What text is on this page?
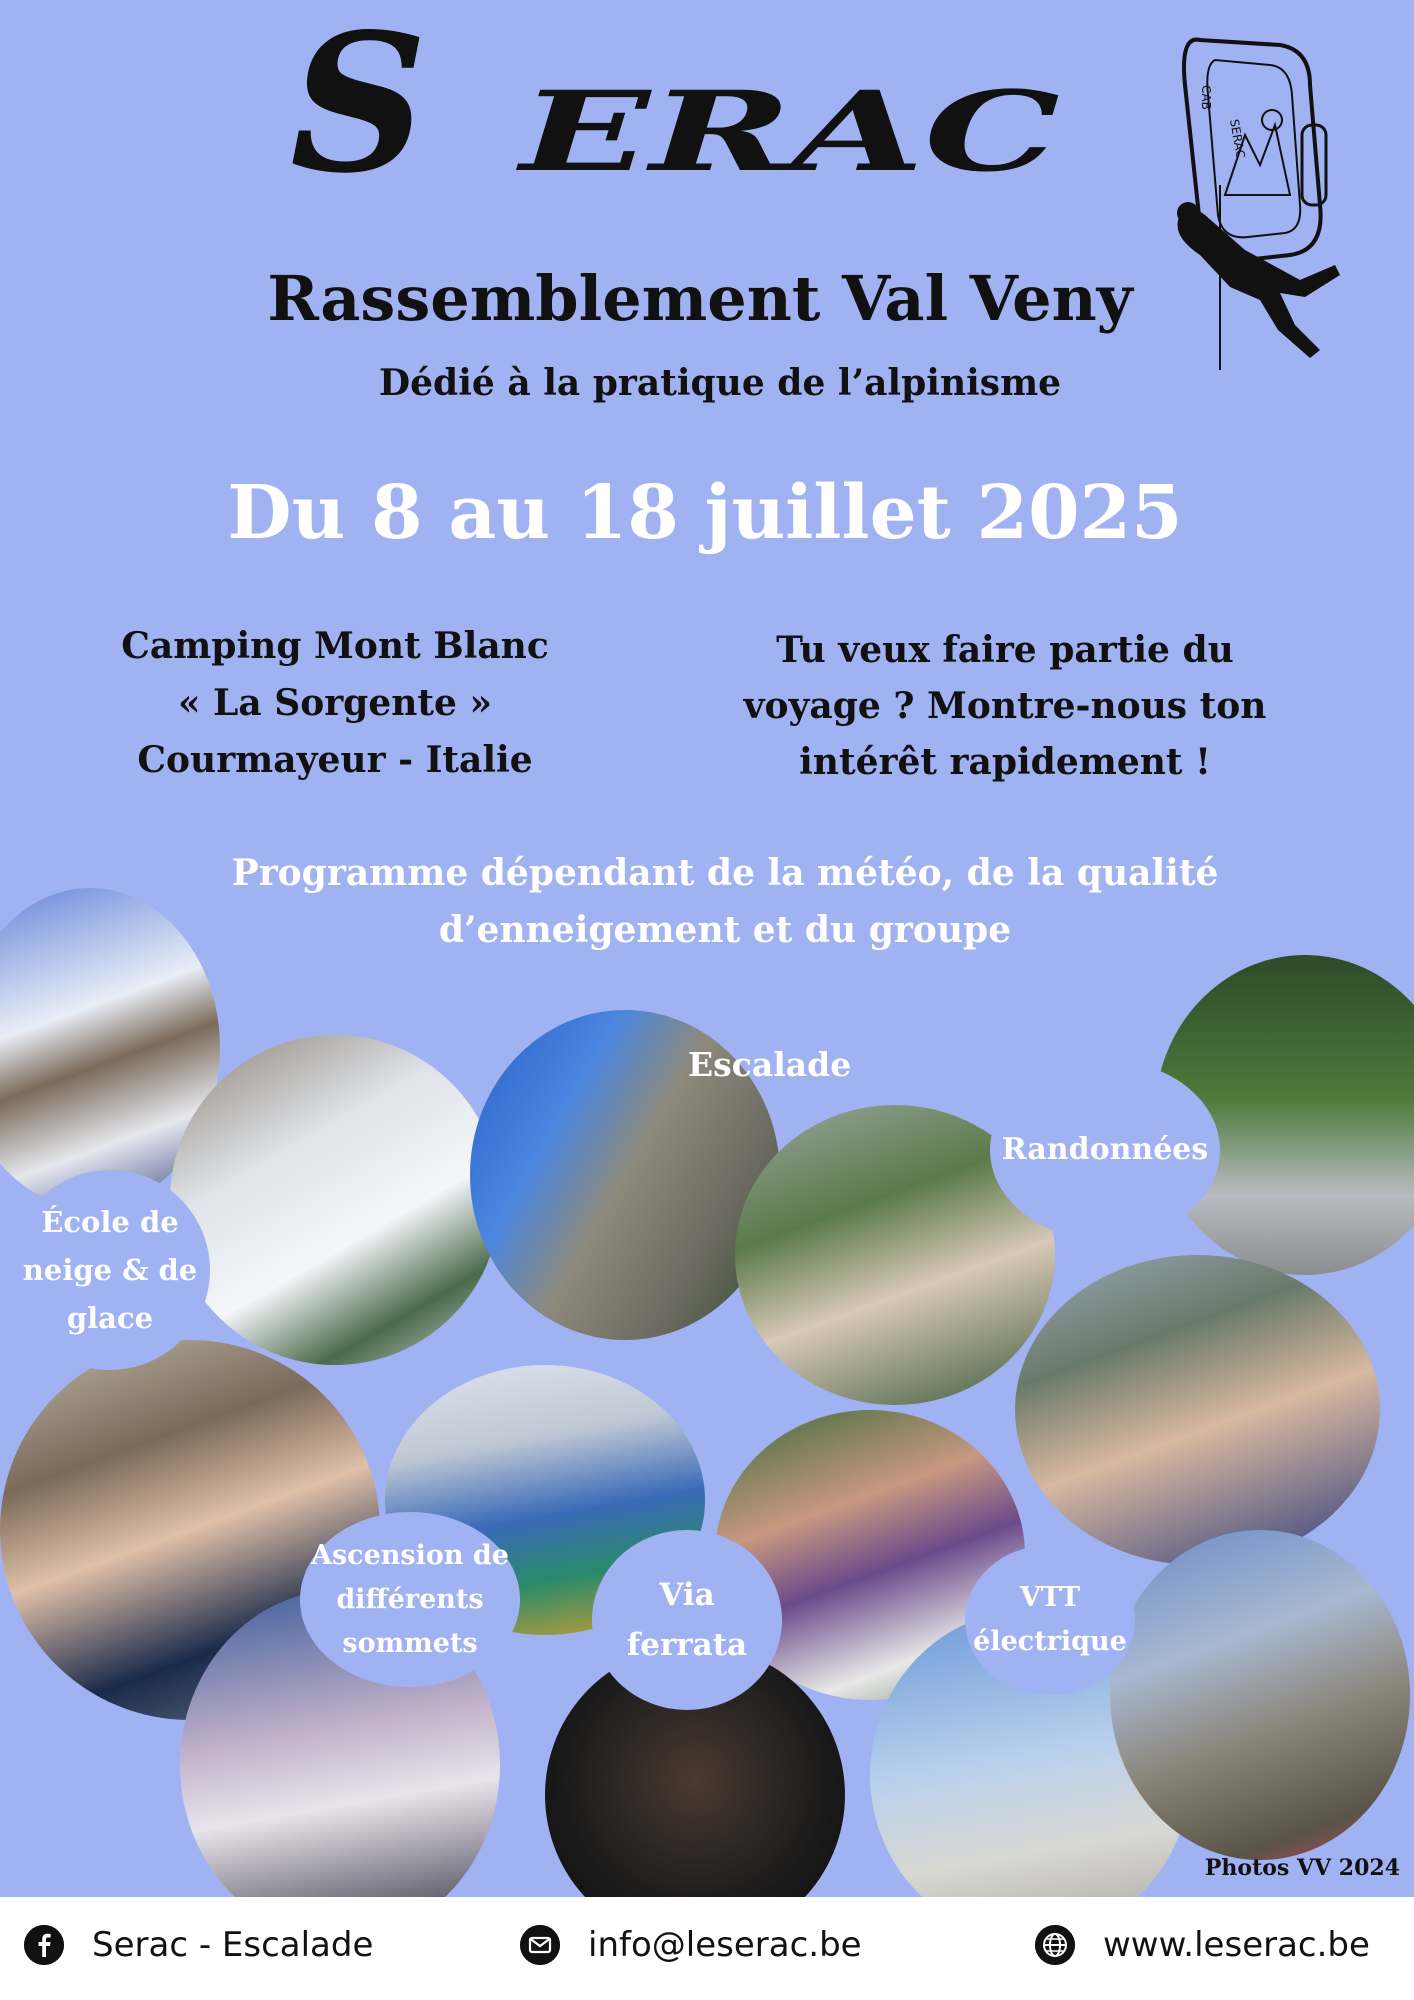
S ERAC	CAB
SERAC
Rassemblement Val Veny
Dédié à la pratique de l’alpinisme
Du 8 au 18 juillet 2025
Camping Mont Blanc
« La Sorgente »
Courmayeur - Italie
Tu veux faire partie du
voyage ? Montre-nous ton
intérêt rapidement !
Programme dépendant de la météo, de la qualité
d’enneigement et du groupe
Escalade
Randonnées
École de
neige & de
glace
Ascension de
différents
sommets
Via
ferrata
VTT
électrique
Photos VV 2024
Serac - Escalade	info@leserac.be	www.leserac.be
